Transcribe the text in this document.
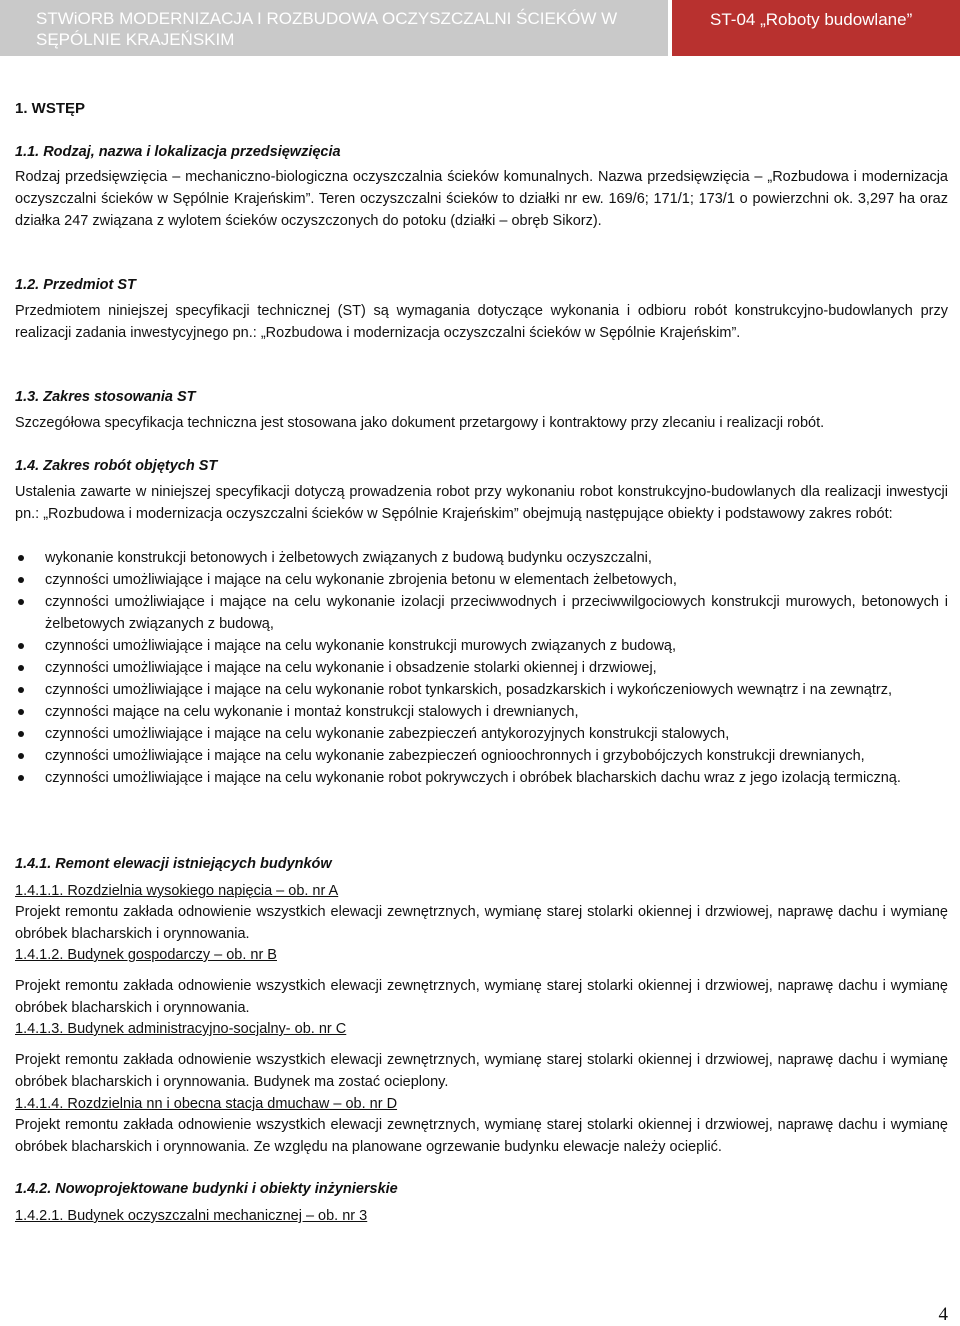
STWiORB MODERNIZACJA I ROZBUDOWA OCZYSZCZALNI ŚCIEKÓW W
SĘPÓLNIE KRAJEŃSKIM
ST-04 „Roboty budowlane”
1. WSTĘP
1.1. Rodzaj, nazwa i lokalizacja przedsięwzięcia
Rodzaj przedsięwzięcia – mechaniczno-biologiczna oczyszczalnia ścieków komunalnych. Nazwa przedsięwzięcia – „Rozbudowa i modernizacja oczyszczalni ścieków w Sępólnie Krajeńskim”. Teren oczyszczalni ścieków to działki nr ew. 169/6; 171/1; 173/1 o powierzchni ok. 3,297 ha oraz działka 247 związana z wylotem ścieków oczyszczonych do potoku (działki – obręb Sikorz).
1.2. Przedmiot ST
Przedmiotem niniejszej specyfikacji technicznej (ST) są wymagania dotyczące wykonania i odbioru robót konstrukcyjno-budowlanych przy realizacji zadania inwestycyjnego pn.: „Rozbudowa i modernizacja oczyszczalni ścieków w Sępólnie Krajeńskim”.
1.3. Zakres stosowania ST
Szczegółowa specyfikacja techniczna jest stosowana jako dokument przetargowy i kontraktowy przy zlecaniu i realizacji robót.
1.4. Zakres robót objętych ST
Ustalenia zawarte w niniejszej specyfikacji dotyczą prowadzenia robot przy wykonaniu robot konstrukcyjno-budowlanych dla realizacji inwestycji pn.: „Rozbudowa i modernizacja oczyszczalni ścieków w Sępólnie Krajeńskim” obejmują następujące obiekty i podstawowy zakres robót:
wykonanie konstrukcji betonowych i żelbetowych związanych z budową budynku oczyszczalni,
czynności umożliwiające i mające na celu wykonanie zbrojenia betonu w elementach żelbetowych,
czynności umożliwiające i mające na celu wykonanie izolacji przeciwwodnych i przeciwwilgociowych konstrukcji murowych, betonowych i żelbetowych związanych z budową,
czynności umożliwiające i mające na celu wykonanie konstrukcji murowych związanych z budową,
czynności umożliwiające i mające na celu wykonanie i obsadzenie stolarki okiennej i drzwiowej,
czynności umożliwiające i mające na celu wykonanie robot tynkarskich, posadzkarskich i wykończeniowych wewnątrz i na zewnątrz,
czynności mające na celu wykonanie i montaż konstrukcji stalowych i drewnianych,
czynności umożliwiające i mające na celu wykonanie zabezpieczeń antykorozyjnych konstrukcji stalowych,
czynności umożliwiające i mające na celu wykonanie zabezpieczeń ognioochronnych i grzybobójczych konstrukcji drewnianych,
czynności umożliwiające i mające na celu wykonanie robot pokrywczych i obróbek blacharskich dachu wraz z jego izolacją termiczną.
1.4.1. Remont elewacji istniejących budynków
1.4.1.1. Rozdzielnia wysokiego napięcia – ob. nr A
Projekt remontu zakłada odnowienie wszystkich elewacji zewnętrznych, wymianę starej stolarki okiennej i drzwiowej, naprawę dachu i wymianę obróbek blacharskich i orynnowania.
1.4.1.2. Budynek gospodarczy – ob. nr B
Projekt remontu zakłada odnowienie wszystkich elewacji zewnętrznych, wymianę starej stolarki okiennej i drzwiowej, naprawę dachu i wymianę obróbek blacharskich i orynnowania.
1.4.1.3. Budynek administracyjno-socjalny- ob. nr C
Projekt remontu zakłada odnowienie wszystkich elewacji zewnętrznych, wymianę starej stolarki okiennej i drzwiowej, naprawę dachu i wymianę obróbek blacharskich i orynnowania. Budynek ma zostać ocieplony.
1.4.1.4. Rozdzielnia nn i obecna stacja dmuchaw – ob. nr D
Projekt remontu zakłada odnowienie wszystkich elewacji zewnętrznych, wymianę starej stolarki okiennej i drzwiowej, naprawę dachu i wymianę obróbek blacharskich i orynnowania. Ze względu na planowane ogrzewanie budynku elewacje należy ocieplić.
1.4.2. Nowoprojektowane budynki i obiekty inżynierskie
1.4.2.1. Budynek oczyszczalni mechanicznej – ob. nr 3
4
